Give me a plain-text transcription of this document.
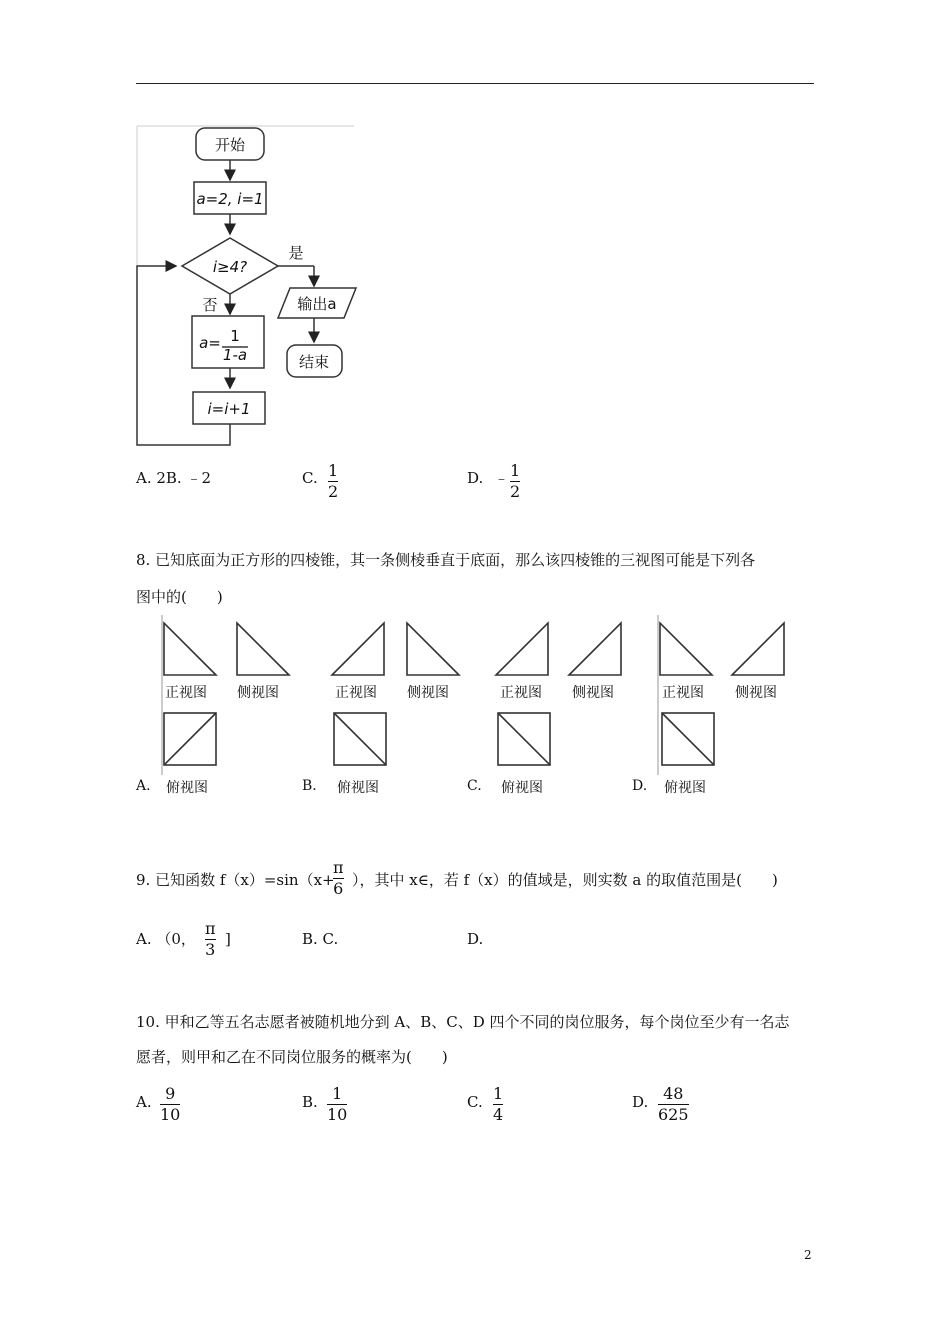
开始
a=2, i=1
i≥4?
是
否
a= 1
1-a
i=i+1
输出a
结束
A. 2B. ﹣2	C. 1
2
D. ﹣ 1
2
8. 已知底面为正方形的四棱锥，其一条侧棱垂直于底面，那么该四棱锥的三视图可能是下列各
图中的(　　)
正视图 侧视图	正视图 侧视图	正视图 侧视图	正视图 侧视图
A. 俯视图	B. 俯视图	C. 俯视图	D. 俯视图
9. 已知函数 f（x）=sin（x+
π
6 ），其中 x∈，若 f（x）的值域是，则实数 a 的取值范围是(　　)
A. （0，
π
3
]	B. C.	D.
10. 甲和乙等五名志愿者被随机地分到 A、B、C、D 四个不同的岗位服务，每个岗位至少有一名志
愿者，则甲和乙在不同岗位服务的概率为(　　)
A. 9
10
B. 1
10
C. 1
4
D. 48
625
2
